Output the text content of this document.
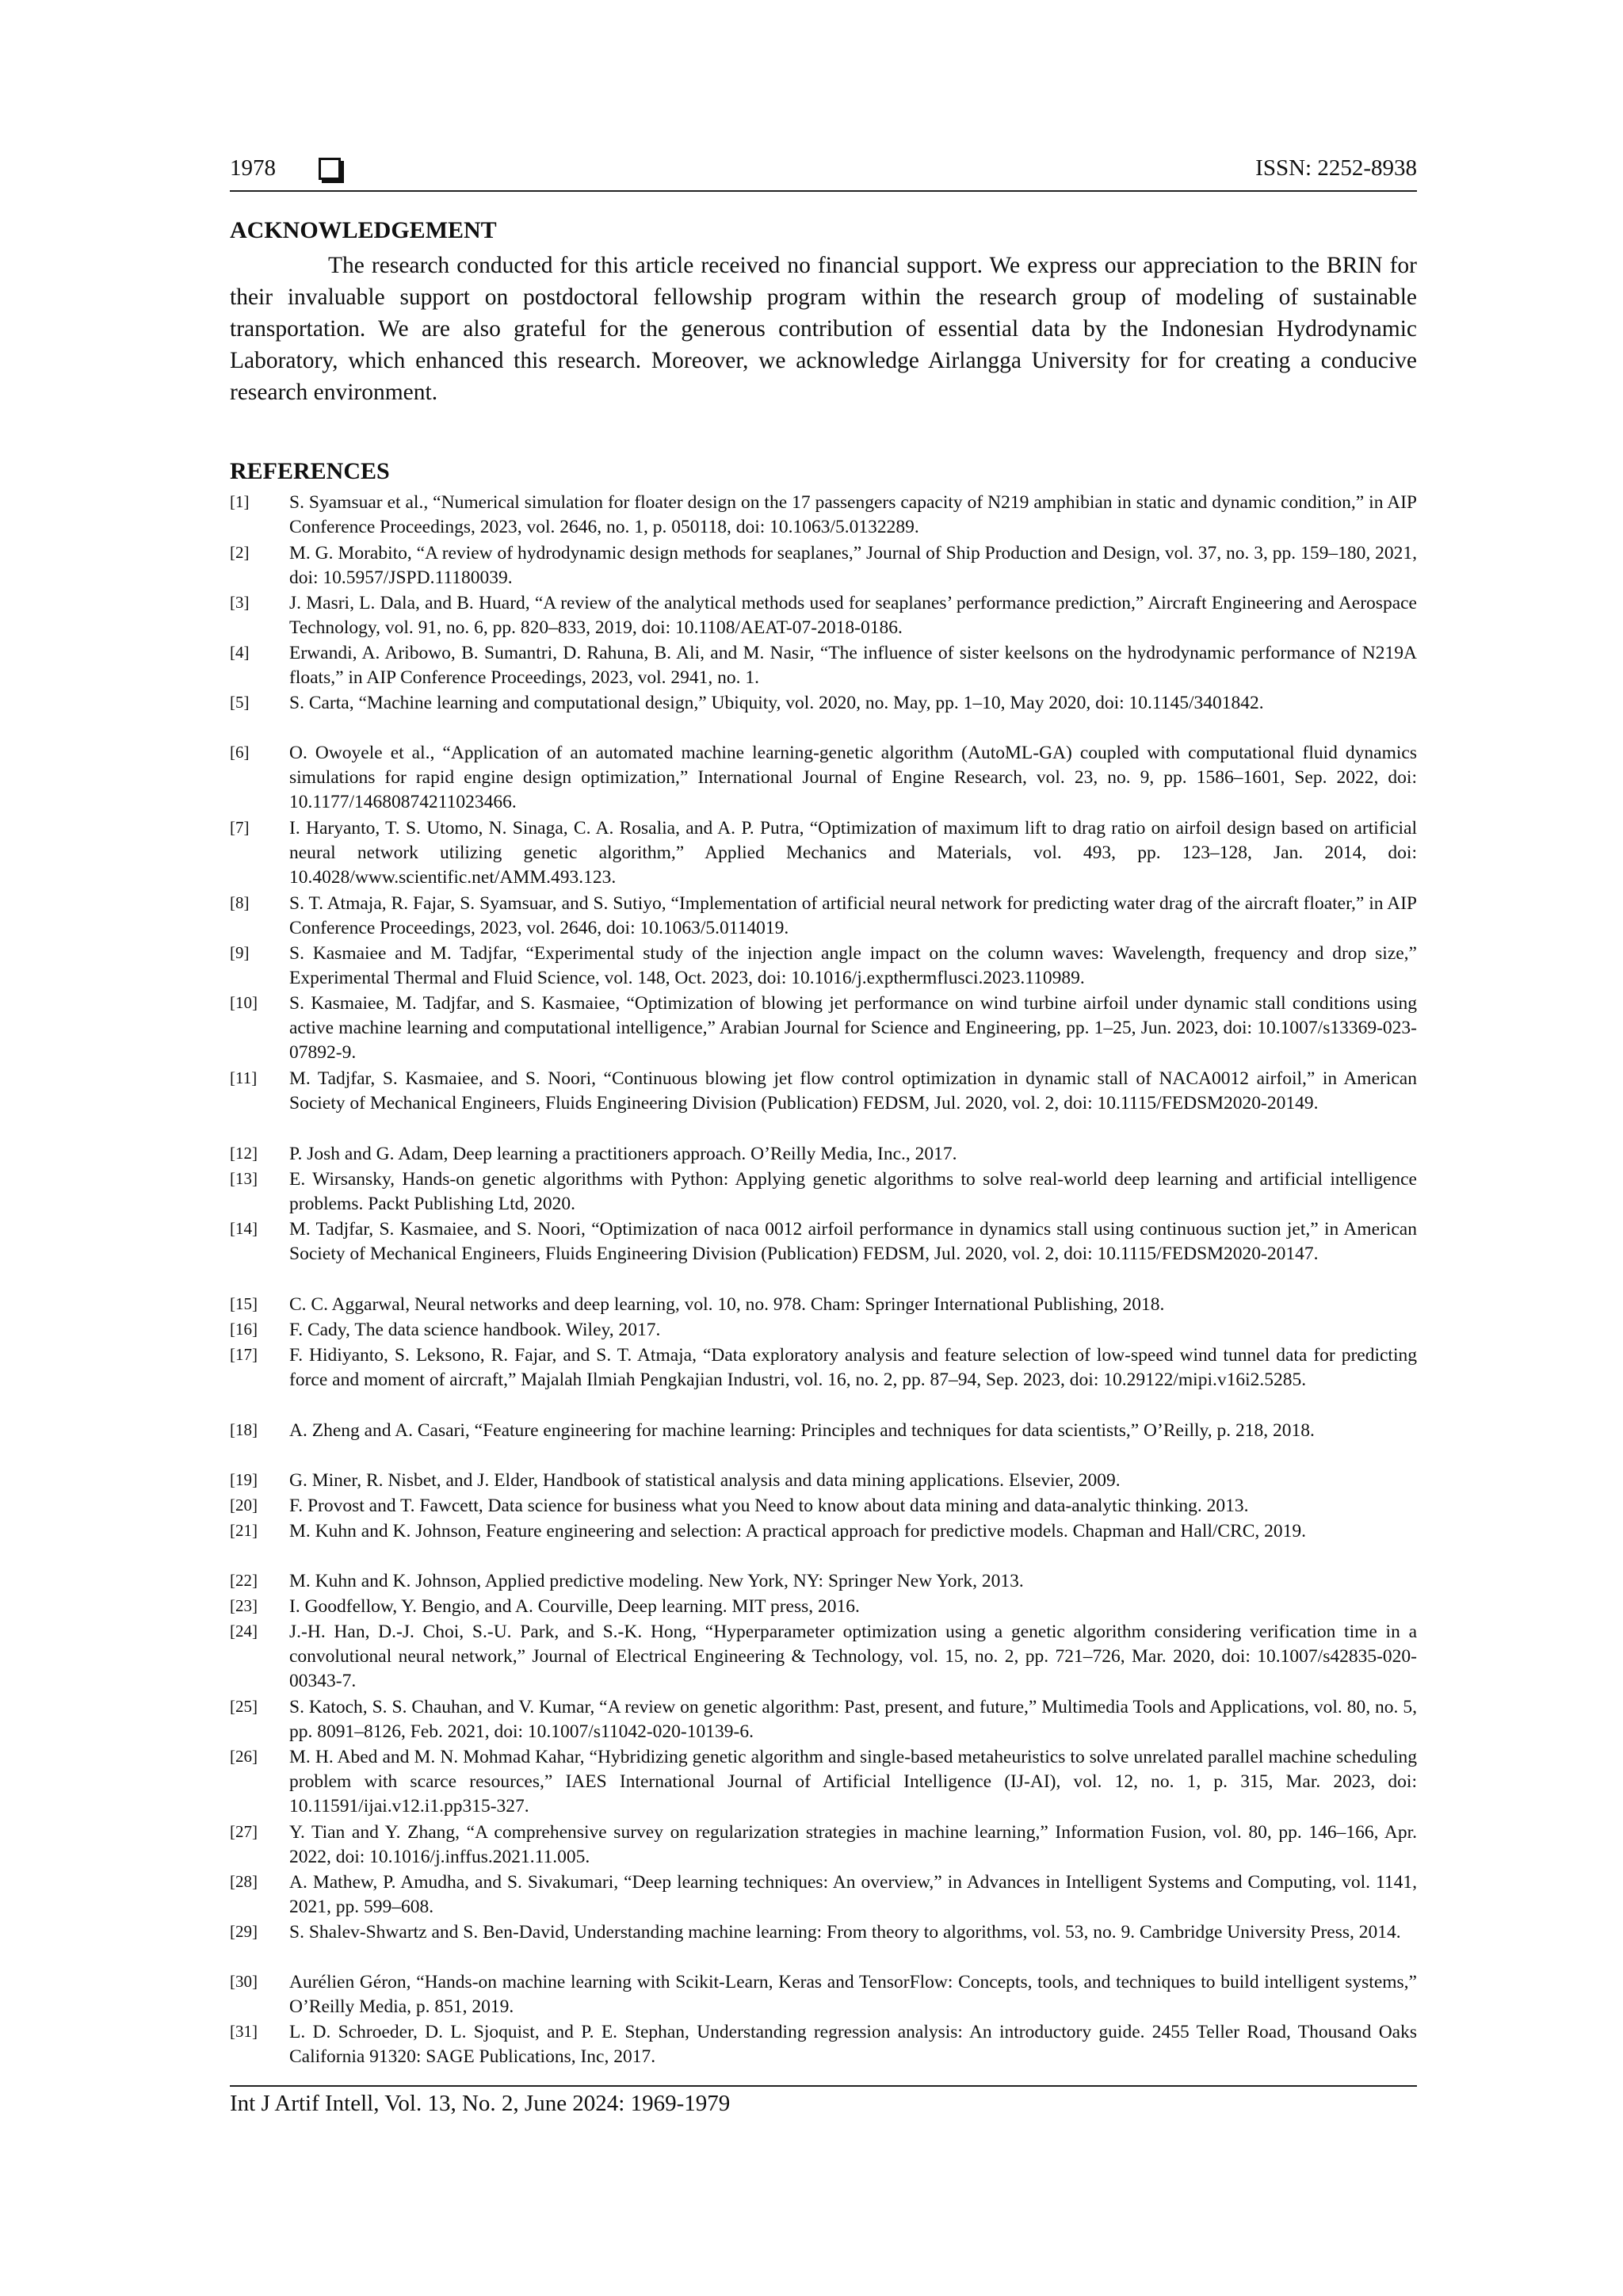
1978	ISSN: 2252-8938
ACKNOWLEDGEMENT

The research conducted for this article received no financial support. We express our appreciation to the BRIN for their invaluable support on postdoctoral fellowship program within the research group of modeling of sustainable transportation. We are also grateful for the generous contribution of essential data by the Indonesian Hydrodynamic Laboratory, which enhanced this research. Moreover, we acknowledge Airlangga University for for creating a conducive research environment.

REFERENCES
[1] S. Syamsuar et al., “Numerical simulation for floater design on the 17 passengers capacity of N219 amphibian in static and dynamic condition,” in AIP Conference Proceedings, 2023, vol. 2646, no. 1, p. 050118, doi: 10.1063/5.0132289.

[2] M. G. Morabito, “A review of hydrodynamic design methods for seaplanes,” Journal of Ship Production and Design, vol. 37, no. 3, pp. 159–180, 2021, doi: 10.5957/JSPD.11180039.

[3] J. Masri, L. Dala, and B. Huard, “A review of the analytical methods used for seaplanes’ performance prediction,” Aircraft Engineering and Aerospace Technology, vol. 91, no. 6, pp. 820–833, 2019, doi: 10.1108/AEAT-07-2018-0186.

[4] Erwandi, A. Aribowo, B. Sumantri, D. Rahuna, B. Ali, and M. Nasir, “The influence of sister keelsons on the hydrodynamic performance of N219A floats,” in AIP Conference Proceedings, 2023, vol. 2941, no. 1.

[5] S. Carta, “Machine learning and computational design,” Ubiquity, vol. 2020, no. May, pp. 1–10, May 2020, doi: 10.1145/3401842.

[6] O. Owoyele et al., “Application of an automated machine learning-genetic algorithm (AutoML-GA) coupled with computational fluid dynamics simulations for rapid engine design optimization,” International Journal of Engine Research, vol. 23, no. 9, pp. 1586–1601, Sep. 2022, doi: 10.1177/14680874211023466.

[7] I. Haryanto, T. S. Utomo, N. Sinaga, C. A. Rosalia, and A. P. Putra, “Optimization of maximum lift to drag ratio on airfoil design based on artificial neural network utilizing genetic algorithm,” Applied Mechanics and Materials, vol. 493, pp. 123–128, Jan. 2014, doi: 10.4028/www.scientific.net/AMM.493.123.

[8] S. T. Atmaja, R. Fajar, S. Syamsuar, and S. Sutiyo, “Implementation of artificial neural network for predicting water drag of the aircraft floater,” in AIP Conference Proceedings, 2023, vol. 2646, doi: 10.1063/5.0114019.

[9] S. Kasmaiee and M. Tadjfar, “Experimental study of the injection angle impact on the column waves: Wavelength, frequency and drop size,” Experimental Thermal and Fluid Science, vol. 148, Oct. 2023, doi: 10.1016/j.expthermflusci.2023.110989.

[10] S. Kasmaiee, M. Tadjfar, and S. Kasmaiee, “Optimization of blowing jet performance on wind turbine airfoil under dynamic stall conditions using active machine learning and computational intelligence,” Arabian Journal for Science and Engineering, pp. 1–25, Jun. 2023, doi: 10.1007/s13369-023-07892-9.

[11] M. Tadjfar, S. Kasmaiee, and S. Noori, “Continuous blowing jet flow control optimization in dynamic stall of NACA0012 airfoil,” in American Society of Mechanical Engineers, Fluids Engineering Division (Publication) FEDSM, Jul. 2020, vol. 2, doi: 10.1115/FEDSM2020-20149.

[12] P. Josh and G. Adam, Deep learning a practitioners approach. O’Reilly Media, Inc., 2017.

[13] E. Wirsansky, Hands-on genetic algorithms with Python: Applying genetic algorithms to solve real-world deep learning and artificial intelligence problems. Packt Publishing Ltd, 2020.

[14] M. Tadjfar, S. Kasmaiee, and S. Noori, “Optimization of naca 0012 airfoil performance in dynamics stall using continuous suction jet,” in American Society of Mechanical Engineers, Fluids Engineering Division (Publication) FEDSM, Jul. 2020, vol. 2, doi: 10.1115/FEDSM2020-20147.

[15] C. C. Aggarwal, Neural networks and deep learning, vol. 10, no. 978. Cham: Springer International Publishing, 2018.

[16] F. Cady, The data science handbook. Wiley, 2017.

[17] F. Hidiyanto, S. Leksono, R. Fajar, and S. T. Atmaja, “Data exploratory analysis and feature selection of low-speed wind tunnel data for predicting force and moment of aircraft,” Majalah Ilmiah Pengkajian Industri, vol. 16, no. 2, pp. 87–94, Sep. 2023, doi: 10.29122/mipi.v16i2.5285.

[18] A. Zheng and A. Casari, “Feature engineering for machine learning: Principles and techniques for data scientists,” O’Reilly, p. 218, 2018.

[19] G. Miner, R. Nisbet, and J. Elder, Handbook of statistical analysis and data mining applications. Elsevier, 2009.

[20] F. Provost and T. Fawcett, Data science for business what you Need to know about data mining and data-analytic thinking. 2013.

[21] M. Kuhn and K. Johnson, Feature engineering and selection: A practical approach for predictive models. Chapman and Hall/CRC, 2019.

[22] M. Kuhn and K. Johnson, Applied predictive modeling. New York, NY: Springer New York, 2013.

[23] I. Goodfellow, Y. Bengio, and A. Courville, Deep learning. MIT press, 2016.

[24] J.-H. Han, D.-J. Choi, S.-U. Park, and S.-K. Hong, “Hyperparameter optimization using a genetic algorithm considering verification time in a convolutional neural network,” Journal of Electrical Engineering & Technology, vol. 15, no. 2, pp. 721–726, Mar. 2020, doi: 10.1007/s42835-020-00343-7.

[25] S. Katoch, S. S. Chauhan, and V. Kumar, “A review on genetic algorithm: Past, present, and future,” Multimedia Tools and Applications, vol. 80, no. 5, pp. 8091–8126, Feb. 2021, doi: 10.1007/s11042-020-10139-6.

[26] M. H. Abed and M. N. Mohmad Kahar, “Hybridizing genetic algorithm and single-based metaheuristics to solve unrelated parallel machine scheduling problem with scarce resources,” IAES International Journal of Artificial Intelligence (IJ-AI), vol. 12, no. 1, p. 315, Mar. 2023, doi: 10.11591/ijai.v12.i1.pp315-327.

[27] Y. Tian and Y. Zhang, “A comprehensive survey on regularization strategies in machine learning,” Information Fusion, vol. 80, pp. 146–166, Apr. 2022, doi: 10.1016/j.inffus.2021.11.005.

[28] A. Mathew, P. Amudha, and S. Sivakumari, “Deep learning techniques: An overview,” in Advances in Intelligent Systems and Computing, vol. 1141, 2021, pp. 599–608.

[29] S. Shalev-Shwartz and S. Ben-David, Understanding machine learning: From theory to algorithms, vol. 53, no. 9. Cambridge University Press, 2014.

[30] Aurélien Géron, “Hands-on machine learning with Scikit-Learn, Keras and TensorFlow: Concepts, tools, and techniques to build intelligent systems,” O’Reilly Media, p. 851, 2019.

[31] L. D. Schroeder, D. L. Sjoquist, and P. E. Stephan, Understanding regression analysis: An introductory guide. 2455 Teller Road, Thousand Oaks California 91320: SAGE Publications, Inc, 2017.

Int J Artif Intell, Vol. 13, No. 2, June 2024: 1969-1979
